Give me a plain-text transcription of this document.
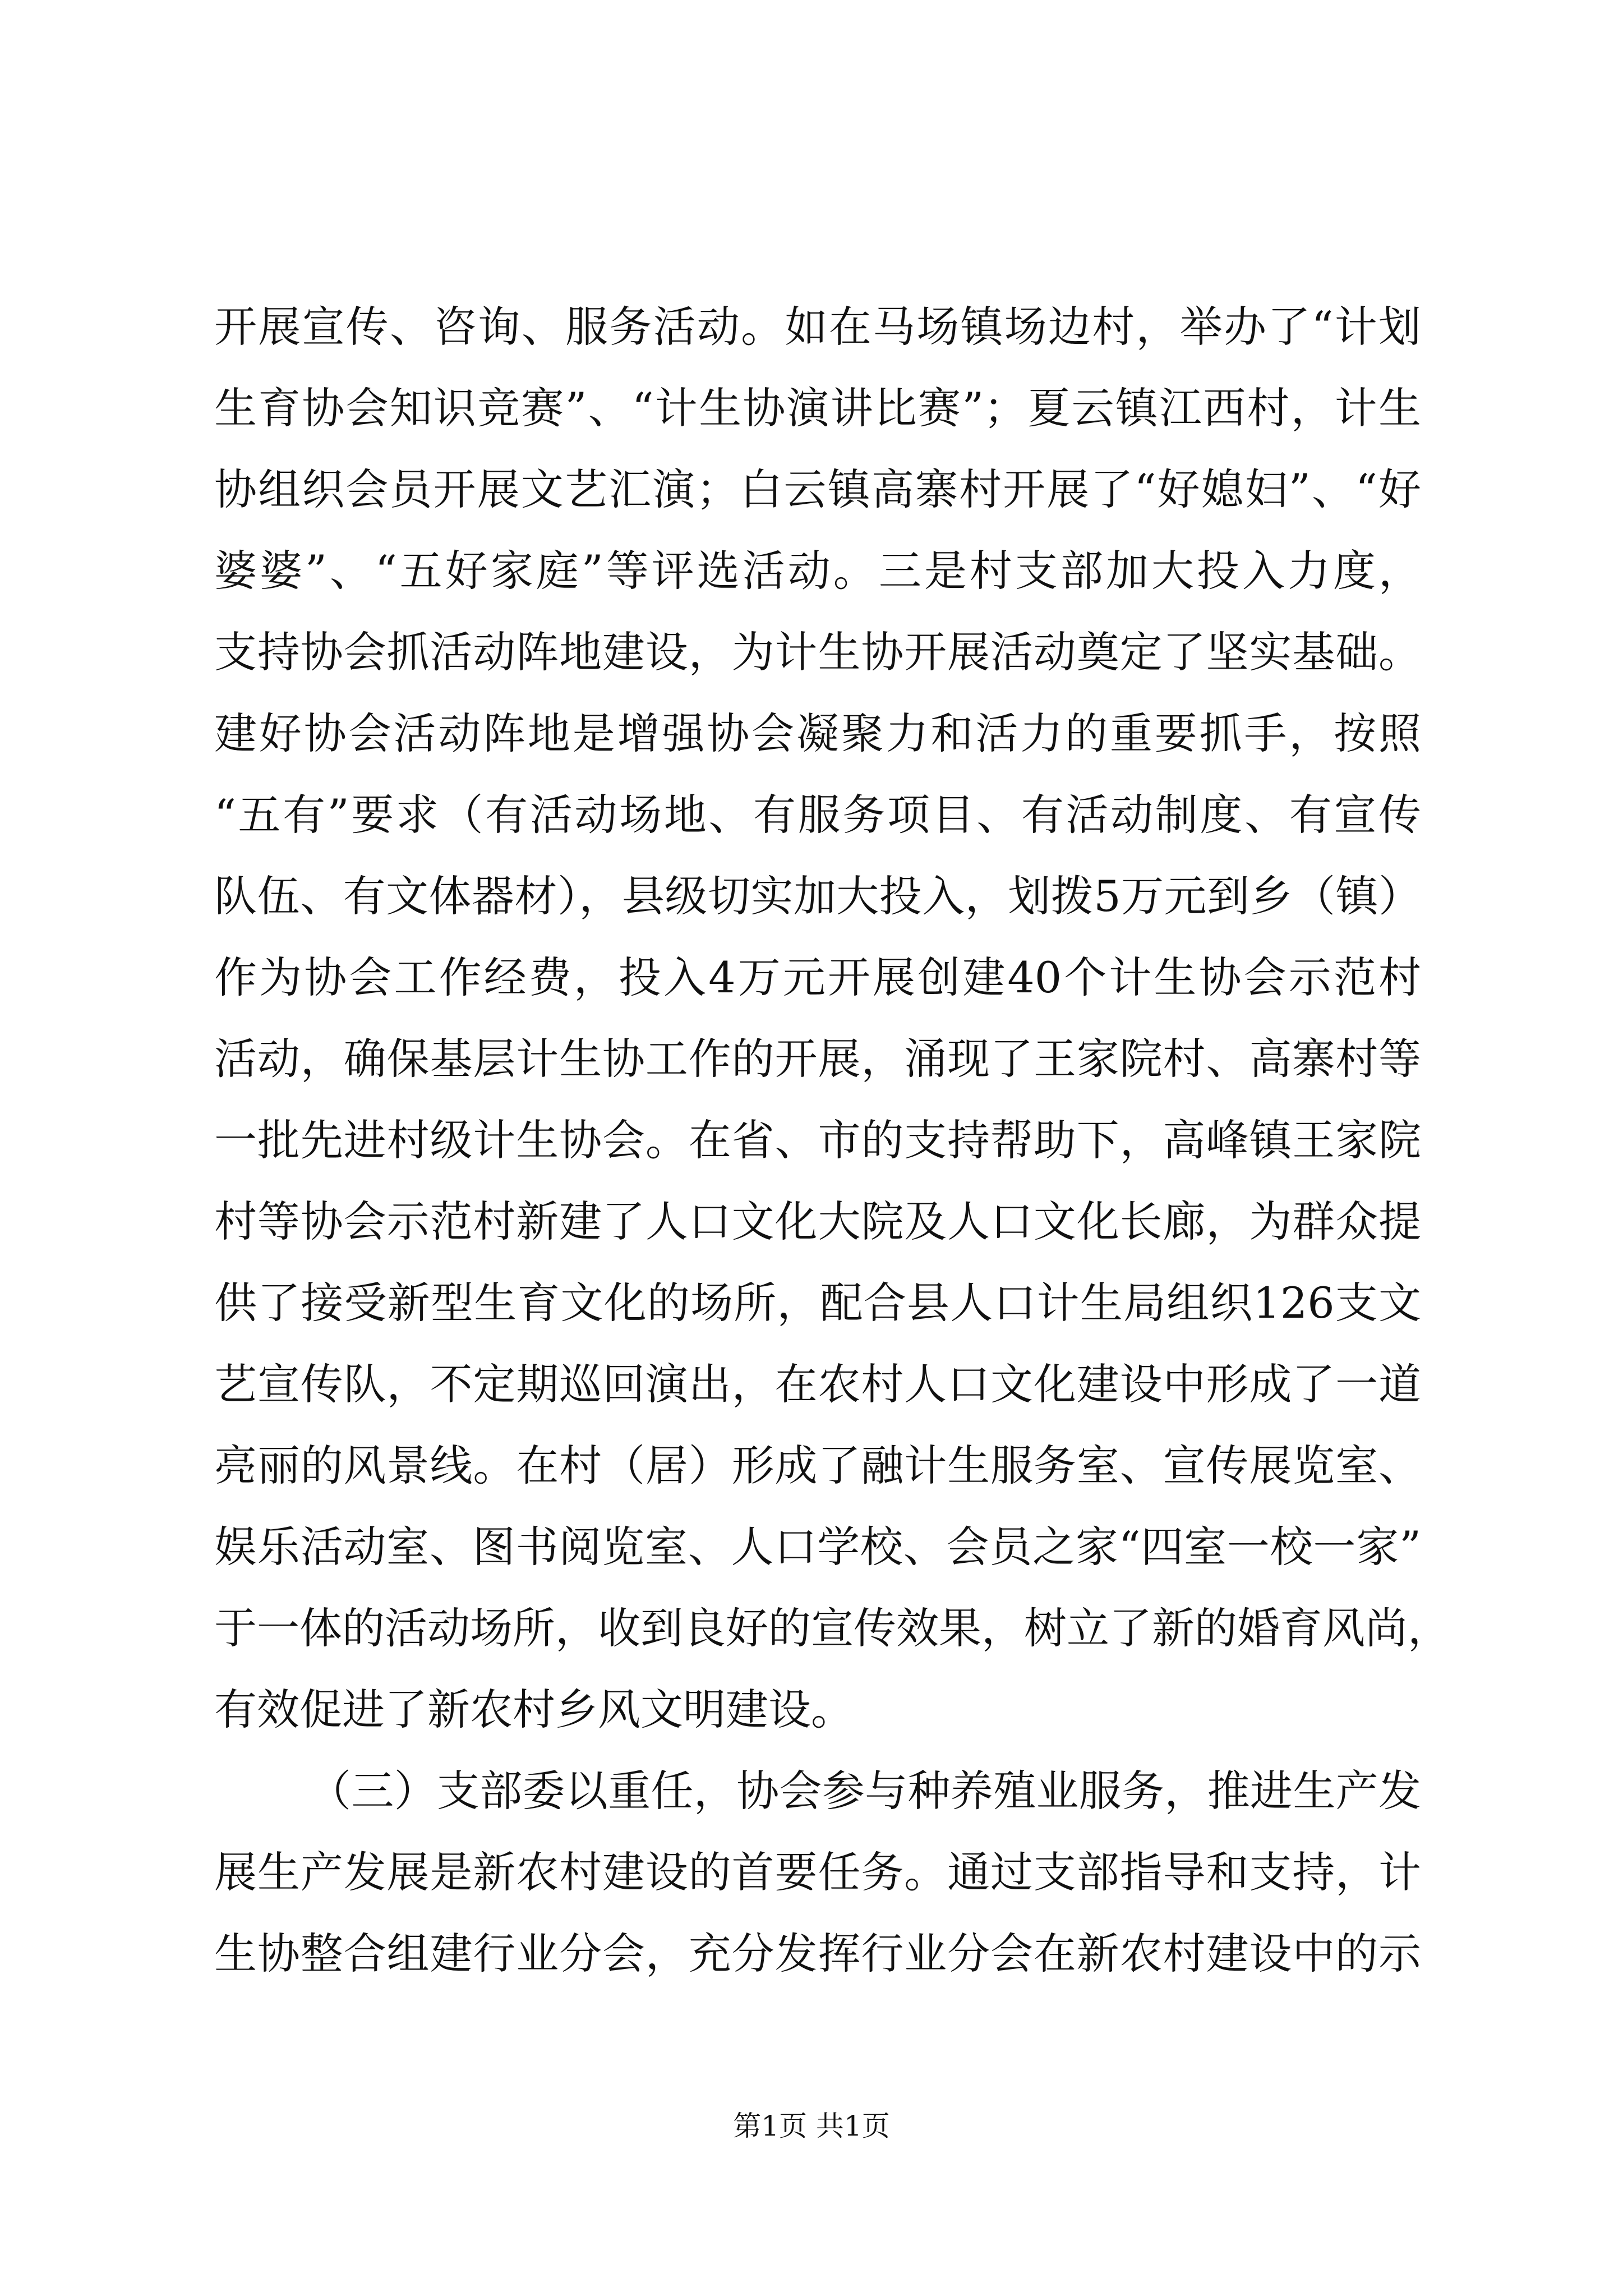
开展宣传、咨询、服务活动。如在马场镇场边村，举办了“计划
生育协会知识竞赛”、“计生协演讲比赛”；夏云镇江西村，计生
协组织会员开展文艺汇演；白云镇高寨村开展了“好媳妇”、“好
婆婆”、“五好家庭”等评选活动。三是村支部加大投入力度，
支持协会抓活动阵地建设，为计生协开展活动奠定了坚实基础。
建好协会活动阵地是增强协会凝聚力和活力的重要抓手，按照
“五有”要求（有活动场地、有服务项目、有活动制度、有宣传
队伍、有文体器材），县级切实加大投入，划拨5万元到乡（镇）
作为协会工作经费，投入4万元开展创建40个计生协会示范村
活动，确保基层计生协工作的开展，涌现了王家院村、高寨村等
一批先进村级计生协会。在省、市的支持帮助下，高峰镇王家院
村等协会示范村新建了人口文化大院及人口文化长廊，为群众提
供了接受新型生育文化的场所，配合县人口计生局组织126支文
艺宣传队，不定期巡回演出，在农村人口文化建设中形成了一道
亮丽的风景线。在村（居）形成了融计生服务室、宣传展览室、
娱乐活动室、图书阅览室、人口学校、会员之家“四室一校一家”
于一体的活动场所，收到良好的宣传效果，树立了新的婚育风尚，
有效促进了新农村乡风文明建设。
（三）支部委以重任，协会参与种养殖业服务，推进生产发
展生产发展是新农村建设的首要任务。通过支部指导和支持，计
生协整合组建行业分会，充分发挥行业分会在新农村建设中的示
第1页 共1页
